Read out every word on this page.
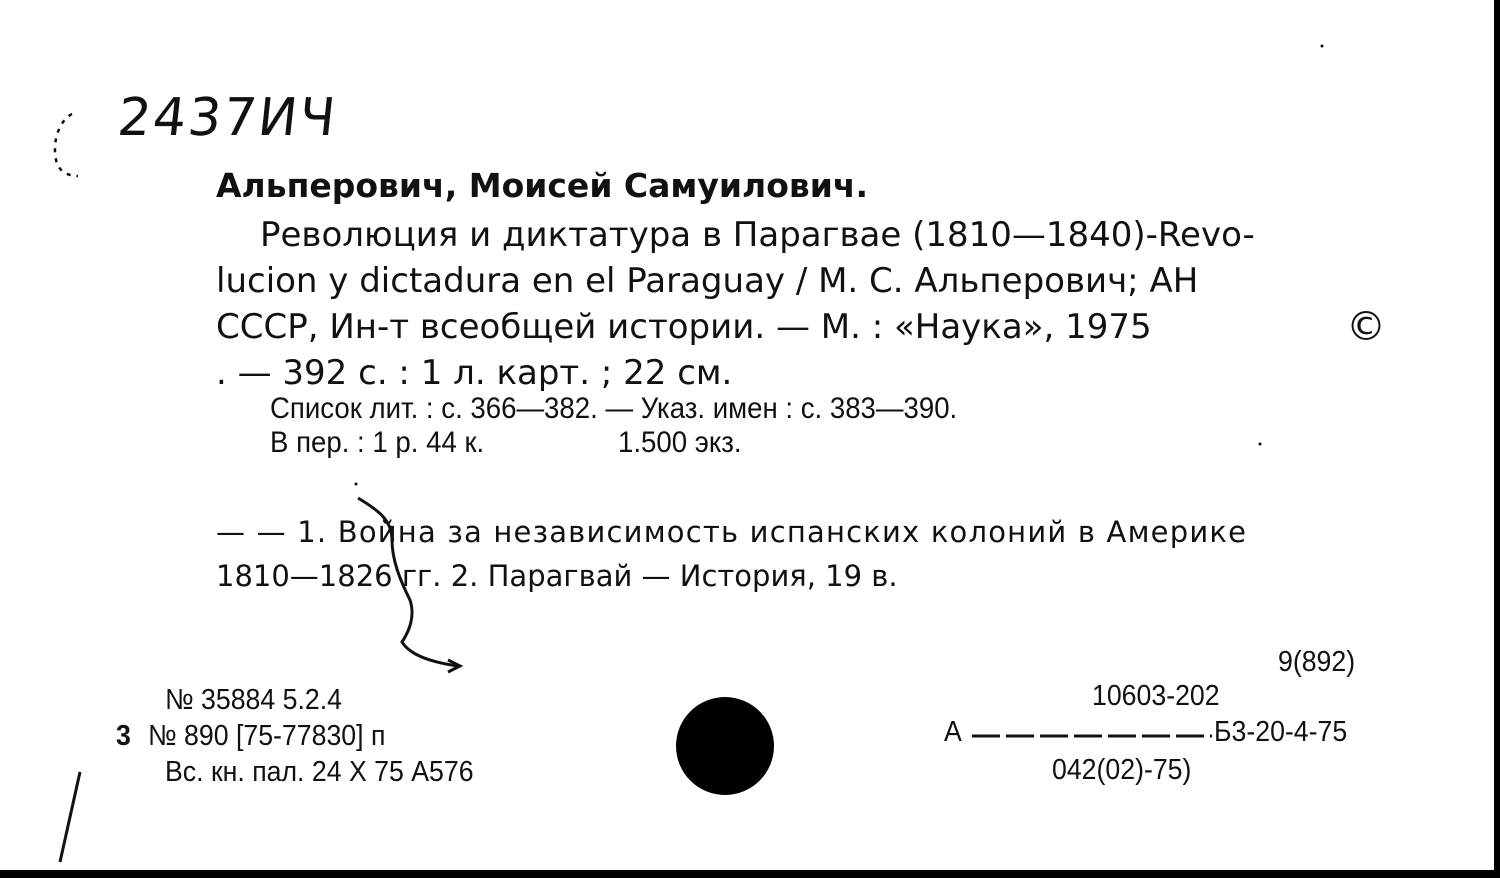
2437ИЧ
Альперович, Моисей Самуилович.
Революция и диктатура в Парагвае (1810—1840)-Revo-
lucion y dictadura en el Paraguay / М. С. Альперович; АН
СССР, Ин-т всеобщей истории. — М. : «Наука», 1975	©
. — 392 с. : 1 л. карт. ; 22 см.
Список лит. : с. 366—382. — Указ. имен : с. 383—390.
В пер. : 1 р. 44 к.	1.500 экз.
— — 1. Война за независимость испанских колоний в Америке
1810—1826 гг. 2. Парагвай — История, 19 в.
№ 35884 5.2.4
3 № 890 [75-77830] п
Вс. кн. пал. 24 X 75 А576
9(892)
10603-202
А	Б3-20-4-75
042(02)-75)
